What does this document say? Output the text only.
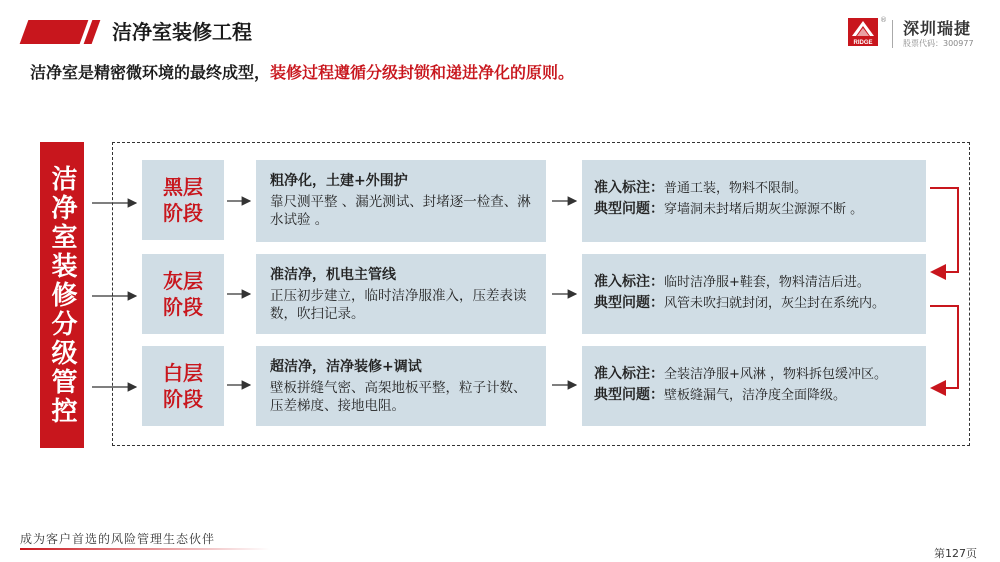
洁净室装修工程	RIDGE
® 深圳瑞捷
股票代码：300977
洁净室是精密微环境的最终成型，装修过程遵循分级封锁和递进净化的原则。
洁净室装修分级管控	黑层
阶段
粗净化，土建+外围护
靠尺测平整 、漏光测试、封堵逐一检查、淋水试验 。
准入标注：普通工装，物料不限制。
典型问题：穿墙洞未封堵后期灰尘源源不断 。
灰层
阶段
准洁净，机电主管线
正压初步建立，临时洁净服准入，压差表读数，吹扫记录。
准入标注：临时洁净服+鞋套，物料清洁后进。
典型问题：风管未吹扫就封闭，灰尘封在系统内。
白层
阶段
超洁净，洁净装修+调试
壁板拼缝气密、高架地板平整，粒子计数、压差梯度、接地电阻。
准入标注：全装洁净服+风淋 ，物料拆包缓冲区。
典型问题：壁板缝漏气，洁净度全面降级。
成为客户首选的风险管理生态伙伴
第127页
